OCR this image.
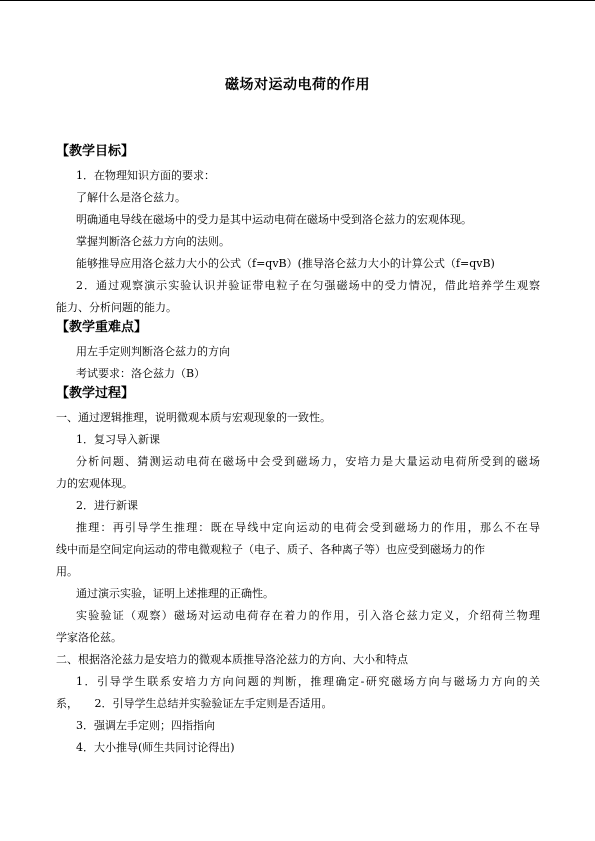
磁场对运动电荷的作用
【教学目标】
1．在物理知识方面的要求：
了解什么是洛仑兹力。
明确通电导线在磁场中的受力是其中运动电荷在磁场中受到洛仑兹力的宏观体现。
掌握判断洛仑兹力方向的法则。
能够推导应用洛仑兹力大小的公式（f=qvB）(推导洛仑兹力大小的计算公式（f=qvB)
2．通过观察演示实验认识并验证带电粒子在匀强磁场中的受力情况，借此培养学生观察
能力、分析问题的能力。
【教学重难点】
用左手定则判断洛仑兹力的方向
考试要求：洛仑兹力（B）
【教学过程】
一、通过逻辑推理，说明微观本质与宏观现象的一致性。
1．复习导入新课
分析问题、猜测运动电荷在磁场中会受到磁场力，安培力是大量运动电荷所受到的磁场
力的宏观体现。
2．进行新课
推理：再引导学生推理：既在导线中定向运动的电荷会受到磁场力的作用，那么不在导
线中而是空间定向运动的带电微观粒子（电子、质子、各种离子等）也应受到磁场力的作
用。
通过演示实验，证明上述推理的正确性。
实验验证（观察）磁场对运动电荷存在着力的作用，引入洛仑兹力定义，介绍荷兰物理
学家洛伦兹。
二、根据洛沦兹力是安培力的微观本质推导洛沦兹力的方向、大小和特点
1．引导学生联系安培力方向问题的判断，推理确定-研究磁场方向与磁场力方向的关
系，　　2．引导学生总结并实验验证左手定则是否适用。
3．强调左手定则；四指指向
4．大小推导(师生共同讨论得出)
